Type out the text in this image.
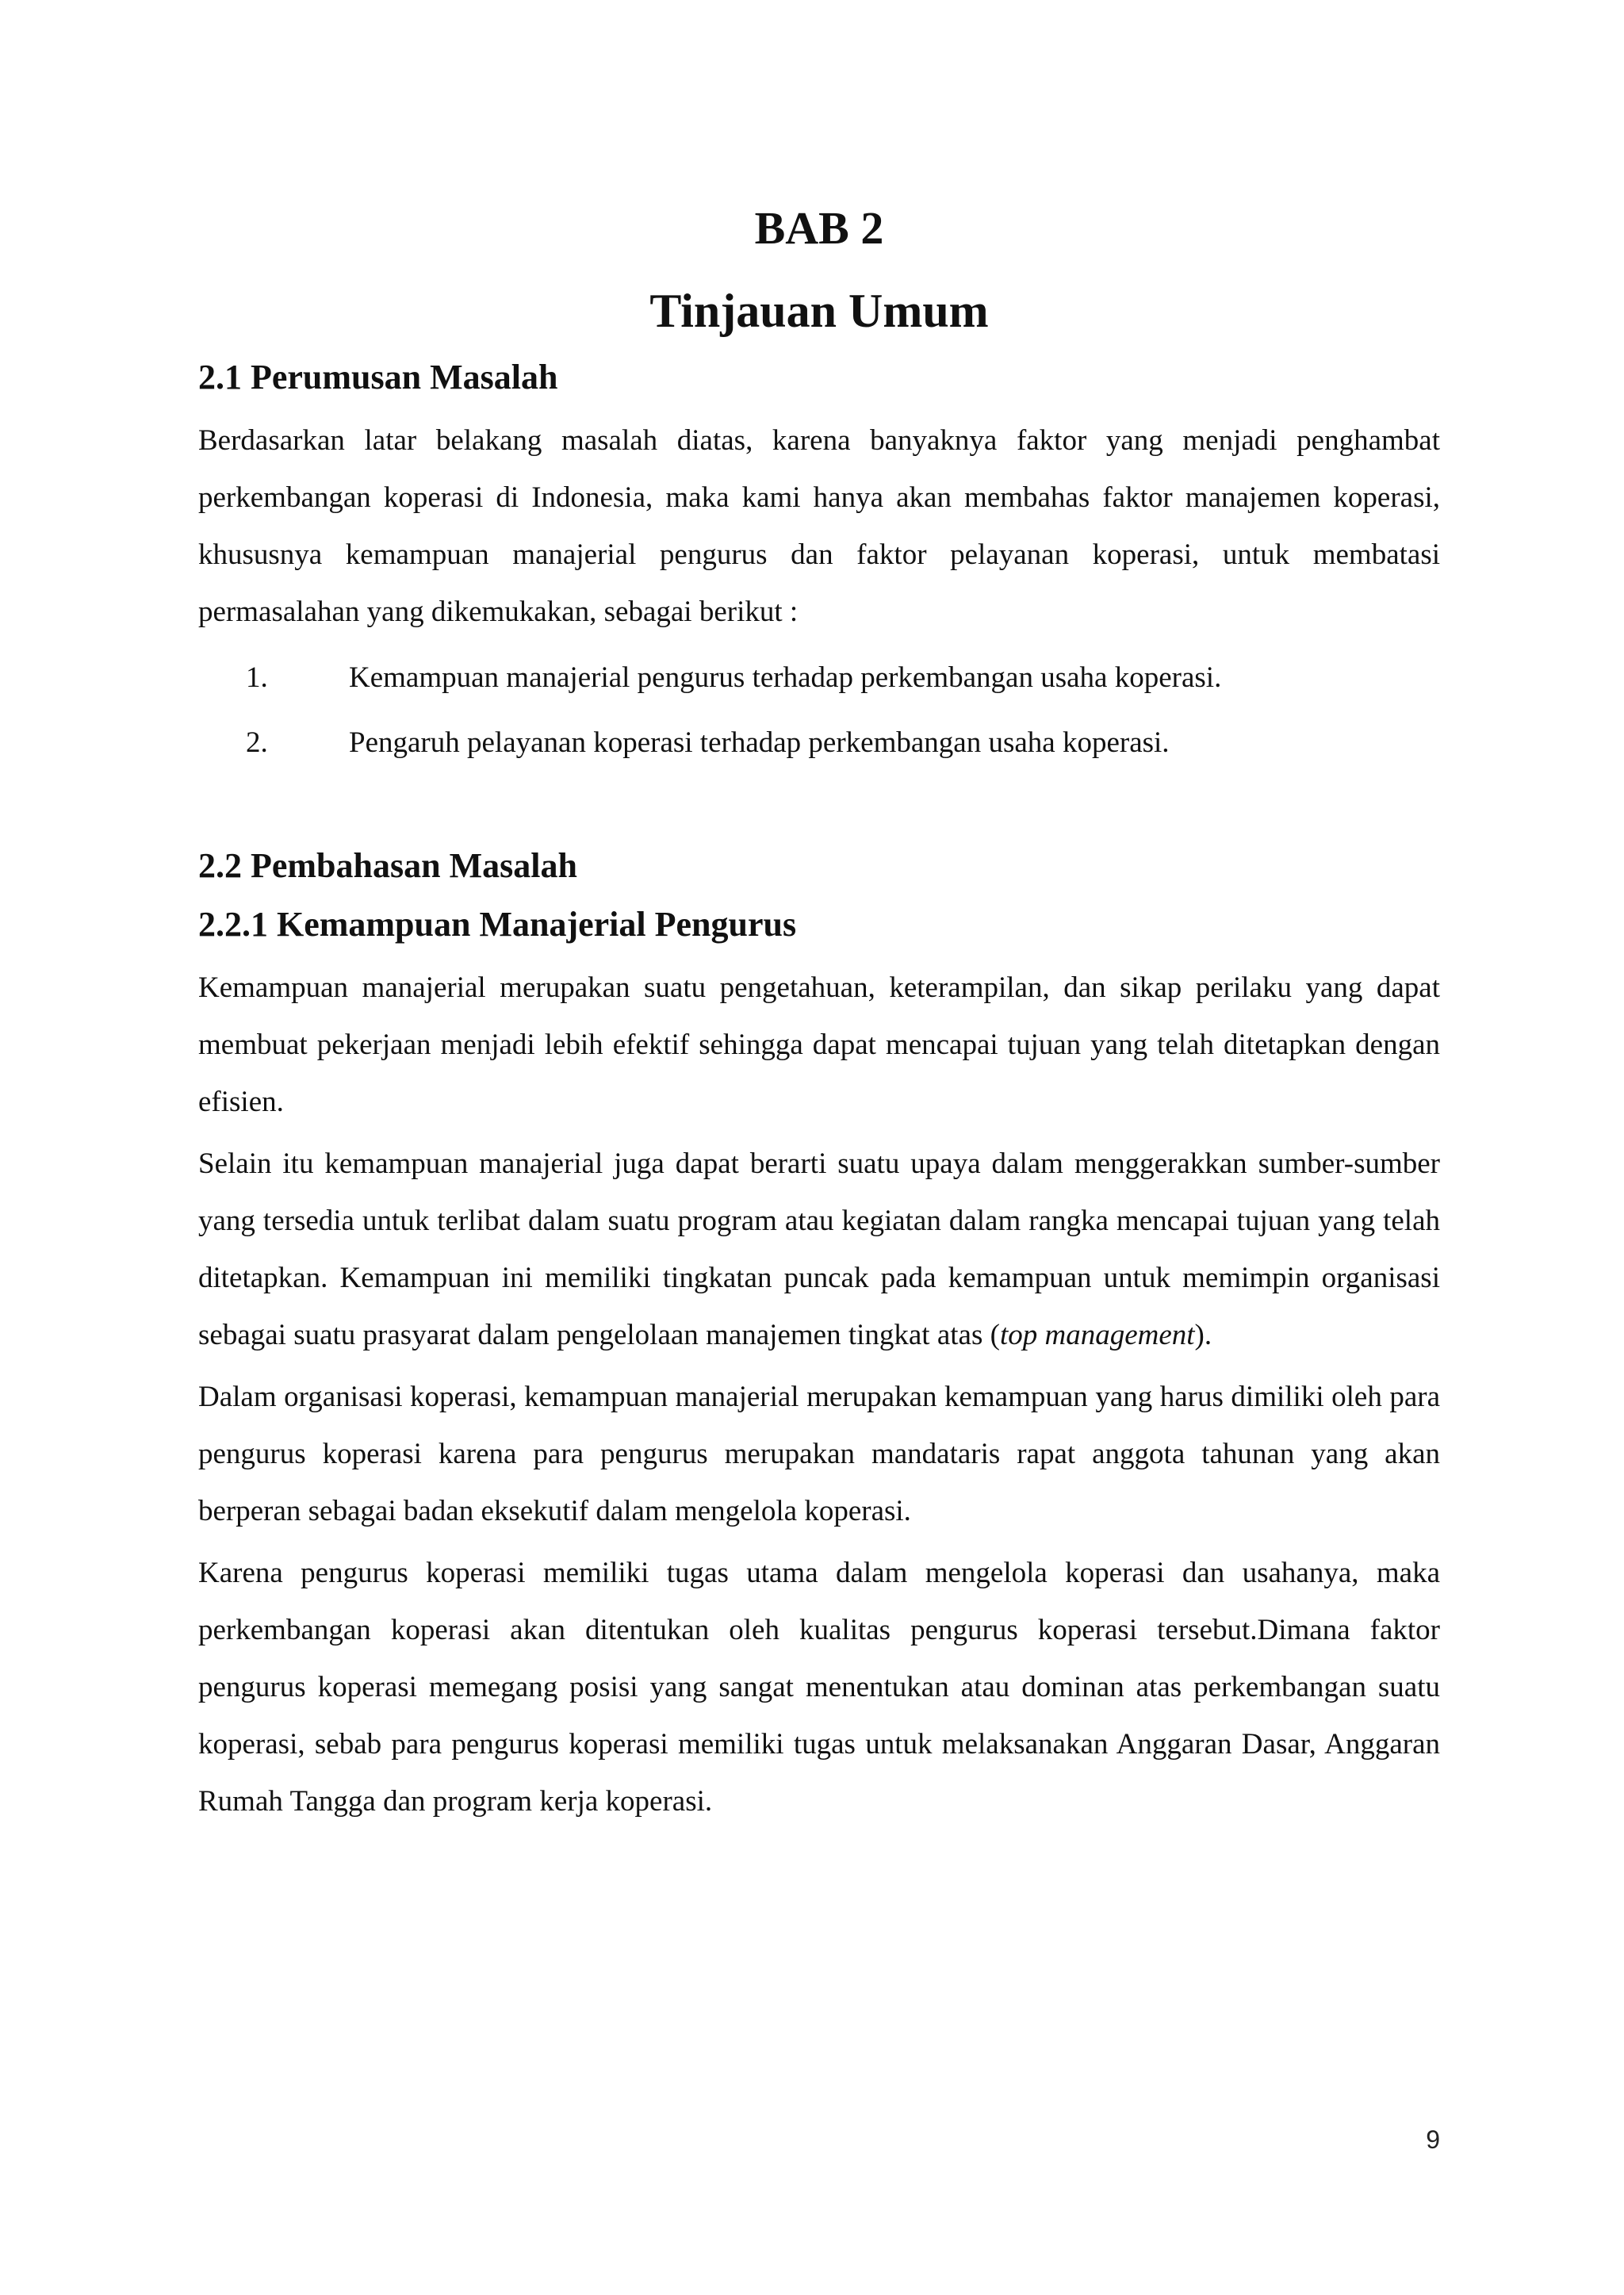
BAB 2
Tinjauan Umum
2.1 Perumusan Masalah

Berdasarkan latar belakang masalah diatas, karena banyaknya faktor yang menjadi penghambat perkembangan koperasi di Indonesia, maka kami hanya akan membahas faktor manajemen koperasi, khususnya kemampuan manajerial pengurus dan faktor pelayanan koperasi, untuk membatasi permasalahan yang dikemukakan, sebagai berikut :

1.	Kemampuan manajerial pengurus terhadap perkembangan usaha koperasi.
2.	Pengaruh pelayanan koperasi terhadap perkembangan usaha koperasi.
2.2 Pembahasan Masalah
2.2.1 Kemampuan Manajerial Pengurus

Kemampuan manajerial merupakan suatu pengetahuan, keterampilan, dan sikap perilaku yang dapat membuat pekerjaan menjadi lebih efektif sehingga dapat mencapai tujuan yang telah ditetapkan dengan efisien.

Selain itu kemampuan manajerial juga dapat berarti suatu upaya dalam menggerakkan sumber-sumber yang tersedia untuk terlibat dalam suatu program atau kegiatan dalam rangka mencapai tujuan yang telah ditetapkan. Kemampuan ini memiliki tingkatan puncak pada kemampuan untuk memimpin organisasi sebagai suatu prasyarat dalam pengelolaan manajemen tingkat atas (top management).

Dalam organisasi koperasi, kemampuan manajerial merupakan kemampuan yang harus dimiliki oleh para pengurus koperasi karena para pengurus merupakan mandataris rapat anggota tahunan yang akan berperan sebagai badan eksekutif dalam mengelola koperasi.

Karena pengurus koperasi memiliki tugas utama dalam mengelola koperasi dan usahanya, maka perkembangan koperasi akan ditentukan oleh kualitas pengurus koperasi tersebut.Dimana faktor pengurus koperasi memegang posisi yang sangat menentukan atau dominan atas perkembangan suatu koperasi, sebab para pengurus koperasi memiliki tugas untuk melaksanakan Anggaran Dasar, Anggaran Rumah Tangga dan program kerja koperasi.

9
